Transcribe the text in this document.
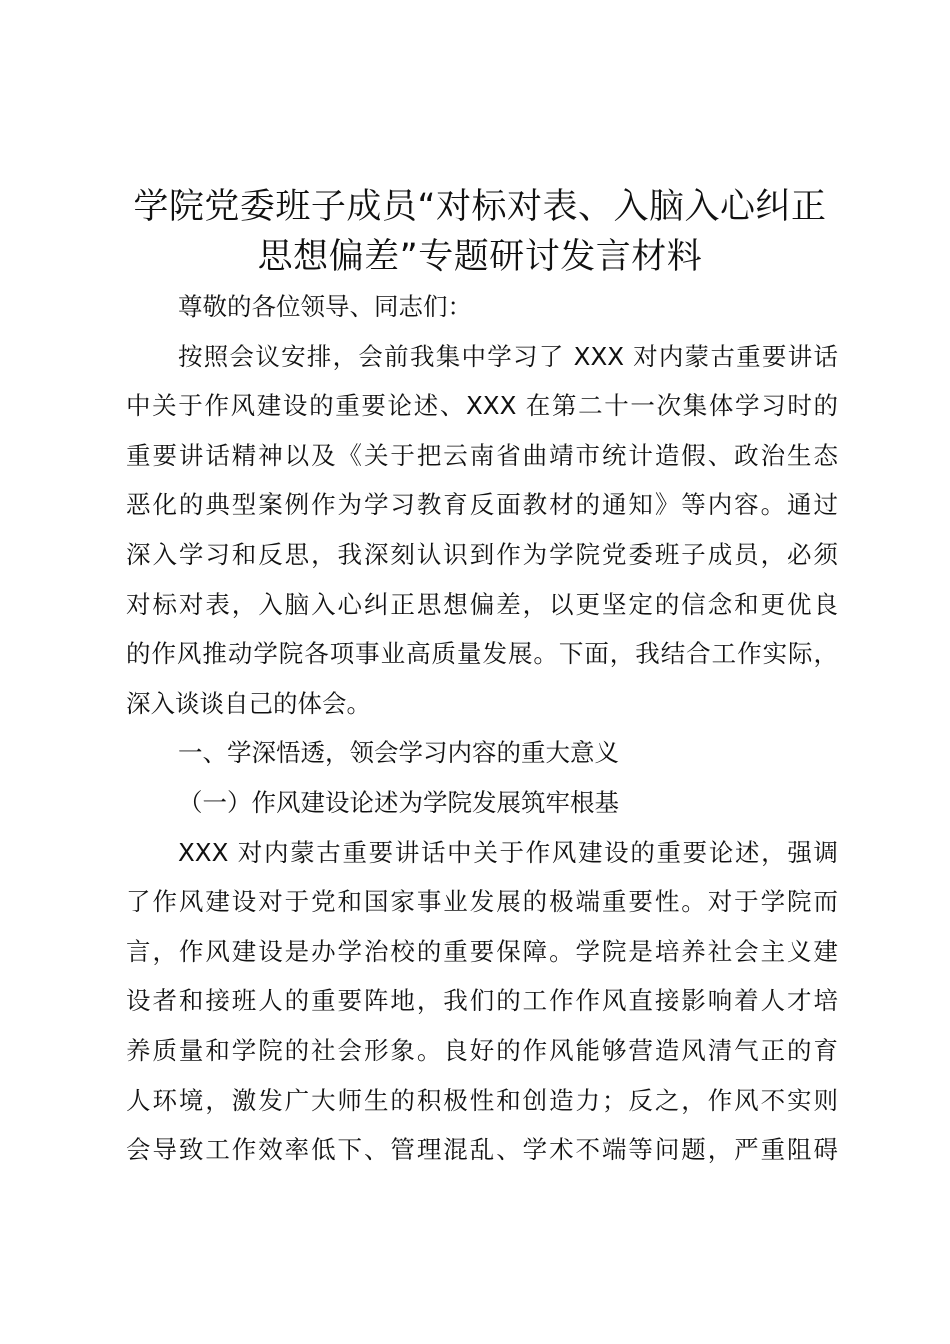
学院党委班子成员“对标对表、入脑入心纠正
思想偏差”专题研讨发言材料
尊敬的各位领导、同志们：
按照会议安排，会前我集中学习了 XXX 对内蒙古重要讲话
中关于作风建设的重要论述、XXX 在第二十一次集体学习时的
重要讲话精神以及《关于把云南省曲靖市统计造假、政治生态
恶化的典型案例作为学习教育反面教材的通知》等内容。通过
深入学习和反思，我深刻认识到作为学院党委班子成员，必须
对标对表，入脑入心纠正思想偏差，以更坚定的信念和更优良
的作风推动学院各项事业高质量发展。下面，我结合工作实际，
深入谈谈自己的体会。
一、学深悟透，领会学习内容的重大意义
（一）作风建设论述为学院发展筑牢根基
XXX 对内蒙古重要讲话中关于作风建设的重要论述，强调
了作风建设对于党和国家事业发展的极端重要性。对于学院而
言，作风建设是办学治校的重要保障。学院是培养社会主义建
设者和接班人的重要阵地，我们的工作作风直接影响着人才培
养质量和学院的社会形象。良好的作风能够营造风清气正的育
人环境，激发广大师生的积极性和创造力；反之，作风不实则
会导致工作效率低下、管理混乱、学术不端等问题，严重阻碍
